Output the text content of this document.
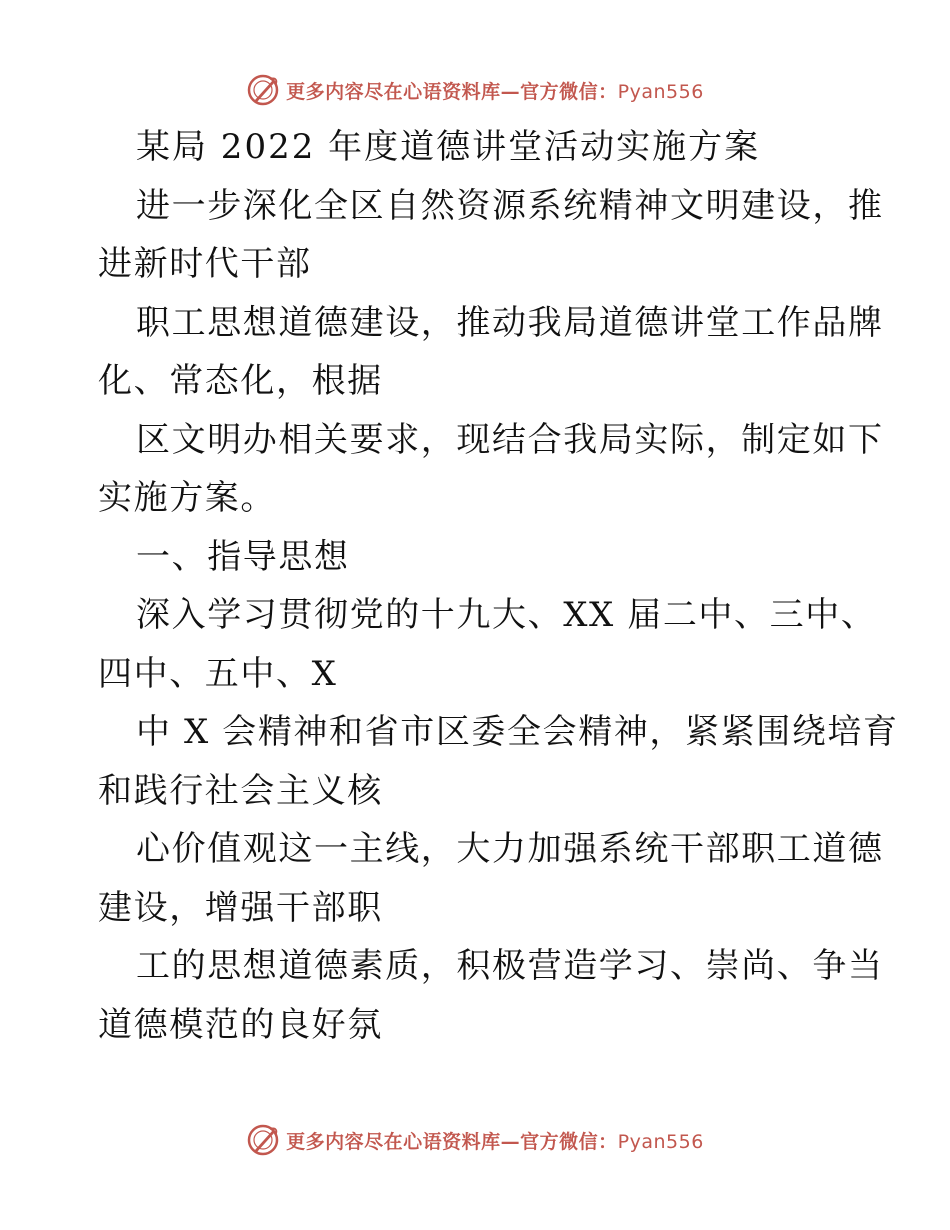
更多内容尽在心语资料库—官方微信：Pyan556
某局 2022 年度道德讲堂活动实施方案
进一步深化全区自然资源系统精神文明建设，推
进新时代干部
职工思想道德建设，推动我局道德讲堂工作品牌
化、常态化，根据
区文明办相关要求，现结合我局实际，制定如下
实施方案。
一、指导思想
深入学习贯彻党的十九大、XX 届二中、三中、
四中、五中、X
中 X 会精神和省市区委全会精神，紧紧围绕培育
和践行社会主义核
心价值观这一主线，大力加强系统干部职工道德
建设，增强干部职
工的思想道德素质，积极营造学习、崇尚、争当
道德模范的良好氛
更多内容尽在心语资料库—官方微信：Pyan556
